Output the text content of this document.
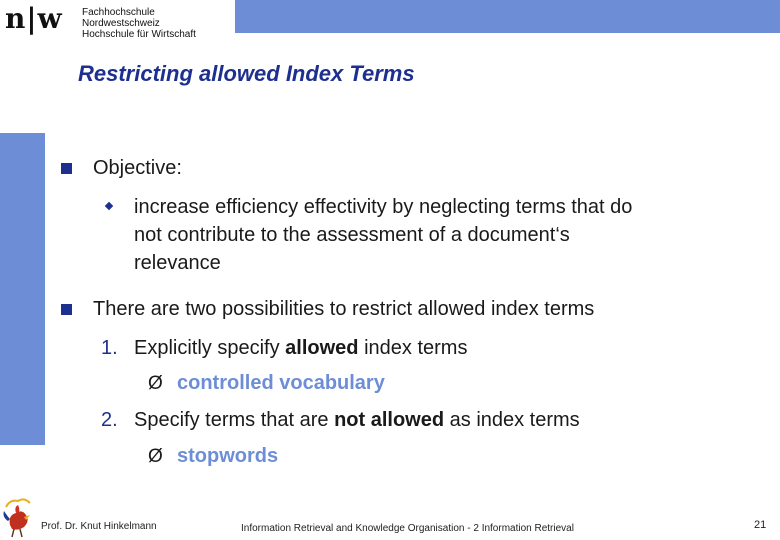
n|w Fachhochschule Nordwestschweiz
Hochschule für Wirtschaft
Restricting allowed Index Terms
Objective:
increase efficiency effectivity by neglecting terms that do
not contribute to the assessment of a document‘s
relevance
There are two possibilities to restrict allowed index terms
1. Explicitly specify allowed index terms
Ø controlled vocabulary
2. Specify terms that are not allowed as index terms
Ø stopwords
Prof. Dr. Knut Hinkelmann	Information Retrieval and Knowledge Organisation - 2 Information Retrieval	21
